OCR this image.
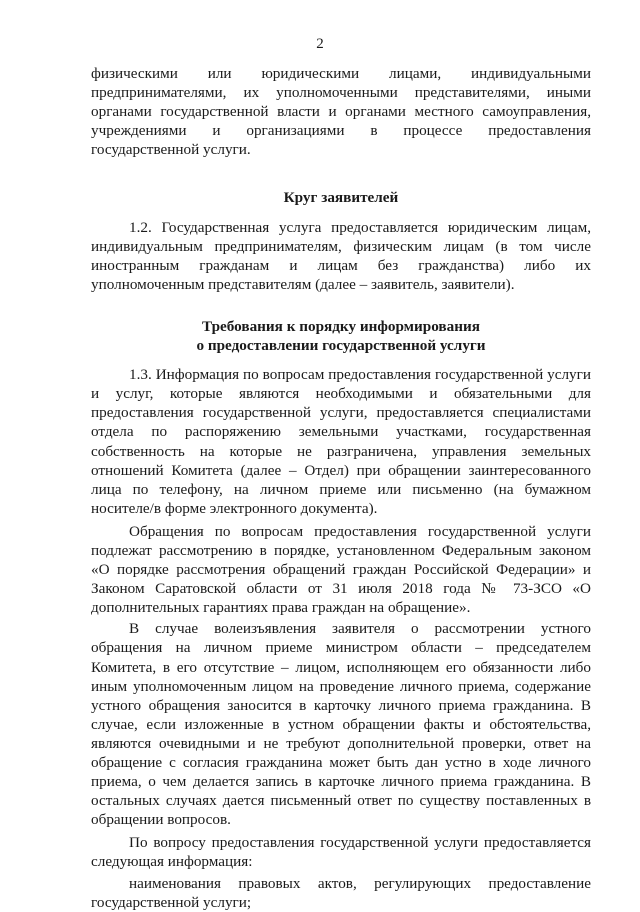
2

физическими или юридическими лицами, индивидуальными предпринимателями, их уполномоченными представителями, иными органами государственной власти и органами местного самоуправления, учреждениями и организациями в процессе предоставления государственной услуги.

Круг заявителей

1.2. Государственная услуга предоставляется юридическим лицам, индивидуальным предпринимателям, физическим лицам (в том числе иностранным гражданам и лицам без гражданства) либо их уполномоченным представителям (далее – заявитель, заявители).

Требования к порядку информирования
о предоставлении государственной услуги

1.3. Информация по вопросам предоставления государственной услуги и услуг, которые являются необходимыми и обязательными для предоставления государственной услуги, предоставляется специалистами отдела по распоряжению земельными участками, государственная собственность на которые не разграничена, управления земельных отношений Комитета (далее – Отдел) при обращении заинтересованного лица по телефону, на личном приеме или письменно (на бумажном носителе/в форме электронного документа).

Обращения по вопросам предоставления государственной услуги подлежат рассмотрению в порядке, установленном Федеральным законом «О порядке рассмотрения обращений граждан Российской Федерации» и Законом Саратовской области от 31 июля 2018 года № 73-ЗСО «О дополнительных гарантиях права граждан на обращение».

В случае волеизъявления заявителя о рассмотрении устного обращения на личном приеме министром области – председателем Комитета, в его отсутствие – лицом, исполняющем его обязанности либо иным уполномоченным лицом на проведение личного приема, содержание устного обращения заносится в карточку личного приема гражданина. В случае, если изложенные в устном обращении факты и обстоятельства, являются очевидными и не требуют дополнительной проверки, ответ на обращение с согласия гражданина может быть дан устно в ходе личного приема, о чем делается запись в карточке личного приема гражданина. В остальных случаях дается письменный ответ по существу поставленных в обращении вопросов.

По вопросу предоставления государственной услуги предоставляется следующая информация:

наименования правовых актов, регулирующих предоставление государственной услуги;
